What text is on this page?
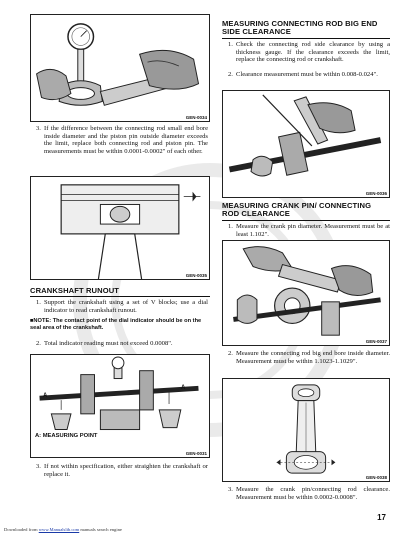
GEN-0034
3. If the difference between the connecting rod small end bore inside diameter and the piston pin outside diameter exceeds the limit, replace both connecting rod and piston pin. The measurements must be within 0.0001-0.0002" of each other.
GEN-0035
CRANKSHAFT RUNOUT
1. Support the crankshaft using a set of V blocks; use a dial indicator to read crankshaft runout.
■NOTE: The contact point of the dial indicator should be on the seal area of the crankshaft.
2. Total indicator reading must not exceed 0.0008".
A
A
A: MEASURING POINT
GEN-0031
3. If not within specification, either straighten the crankshaft or replace it.
MEASURING CONNECTING ROD BIG END SIDE CLEARANCE
1. Check the connecting rod side clearance by using a thickness gauge. If the clearance exceeds the limit, replace the connecting rod or crankshaft.
2. Clearance measurement must be within 0.008-0.024".
GEN-0036
MEASURING CRANK PIN/ CONNECTING ROD CLEARANCE
1. Measure the crank pin diameter. Measurement must be at least 1.102".
GEN-0037
2. Measure the connecting rod big end bore inside diameter. Measurement must be within 1.1023-1.1029".
GEN-0038
3. Measure the crank pin/connecting rod clearance. Measurement must be within 0.0002-0.0008".
17
Downloaded from www.Manualslib.com manuals search engine
